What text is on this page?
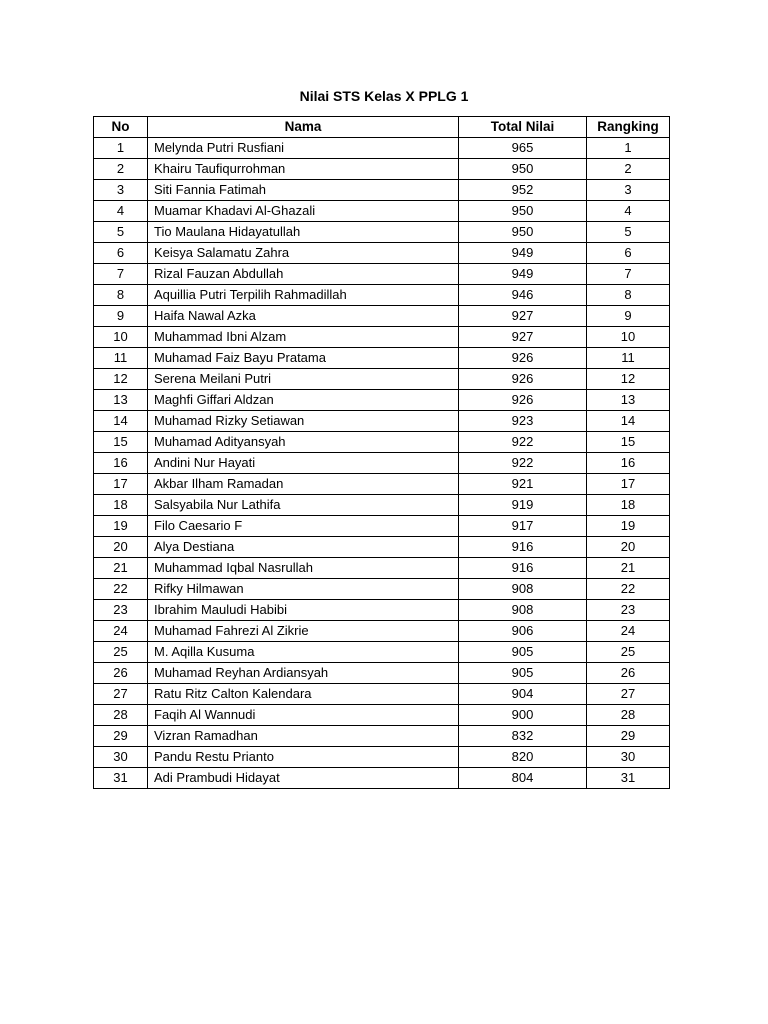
Nilai STS Kelas X PPLG 1
No	Nama	Total Nilai	Rangking
1	Melynda Putri Rusfiani	965	1
2	Khairu Taufiqurrohman	950	2
3	Siti Fannia Fatimah	952	3
4	Muamar Khadavi Al-Ghazali	950	4
5	Tio Maulana Hidayatullah	950	5
6	Keisya Salamatu Zahra	949	6
7	Rizal Fauzan Abdullah	949	7
8	Aquillia Putri Terpilih Rahmadillah	946	8
9	Haifa Nawal Azka	927	9
10	Muhammad Ibni Alzam	927	10
11	Muhamad Faiz Bayu Pratama	926	11
12	Serena Meilani Putri	926	12
13	Maghfi Giffari Aldzan	926	13
14	Muhamad Rizky Setiawan	923	14
15	Muhamad Adityansyah	922	15
16	Andini Nur Hayati	922	16
17	Akbar Ilham Ramadan	921	17
18	Salsyabila Nur Lathifa	919	18
19	Filo Caesario F	917	19
20	Alya Destiana	916	20
21	Muhammad Iqbal Nasrullah	916	21
22	Rifky Hilmawan	908	22
23	Ibrahim Mauludi Habibi	908	23
24	Muhamad Fahrezi Al Zikrie	906	24
25	M. Aqilla Kusuma	905	25
26	Muhamad Reyhan Ardiansyah	905	26
27	Ratu Ritz Calton Kalendara	904	27
28	Faqih Al Wannudi	900	28
29	Vizran Ramadhan	832	29
30	Pandu Restu Prianto	820	30
31	Adi Prambudi Hidayat	804	31
